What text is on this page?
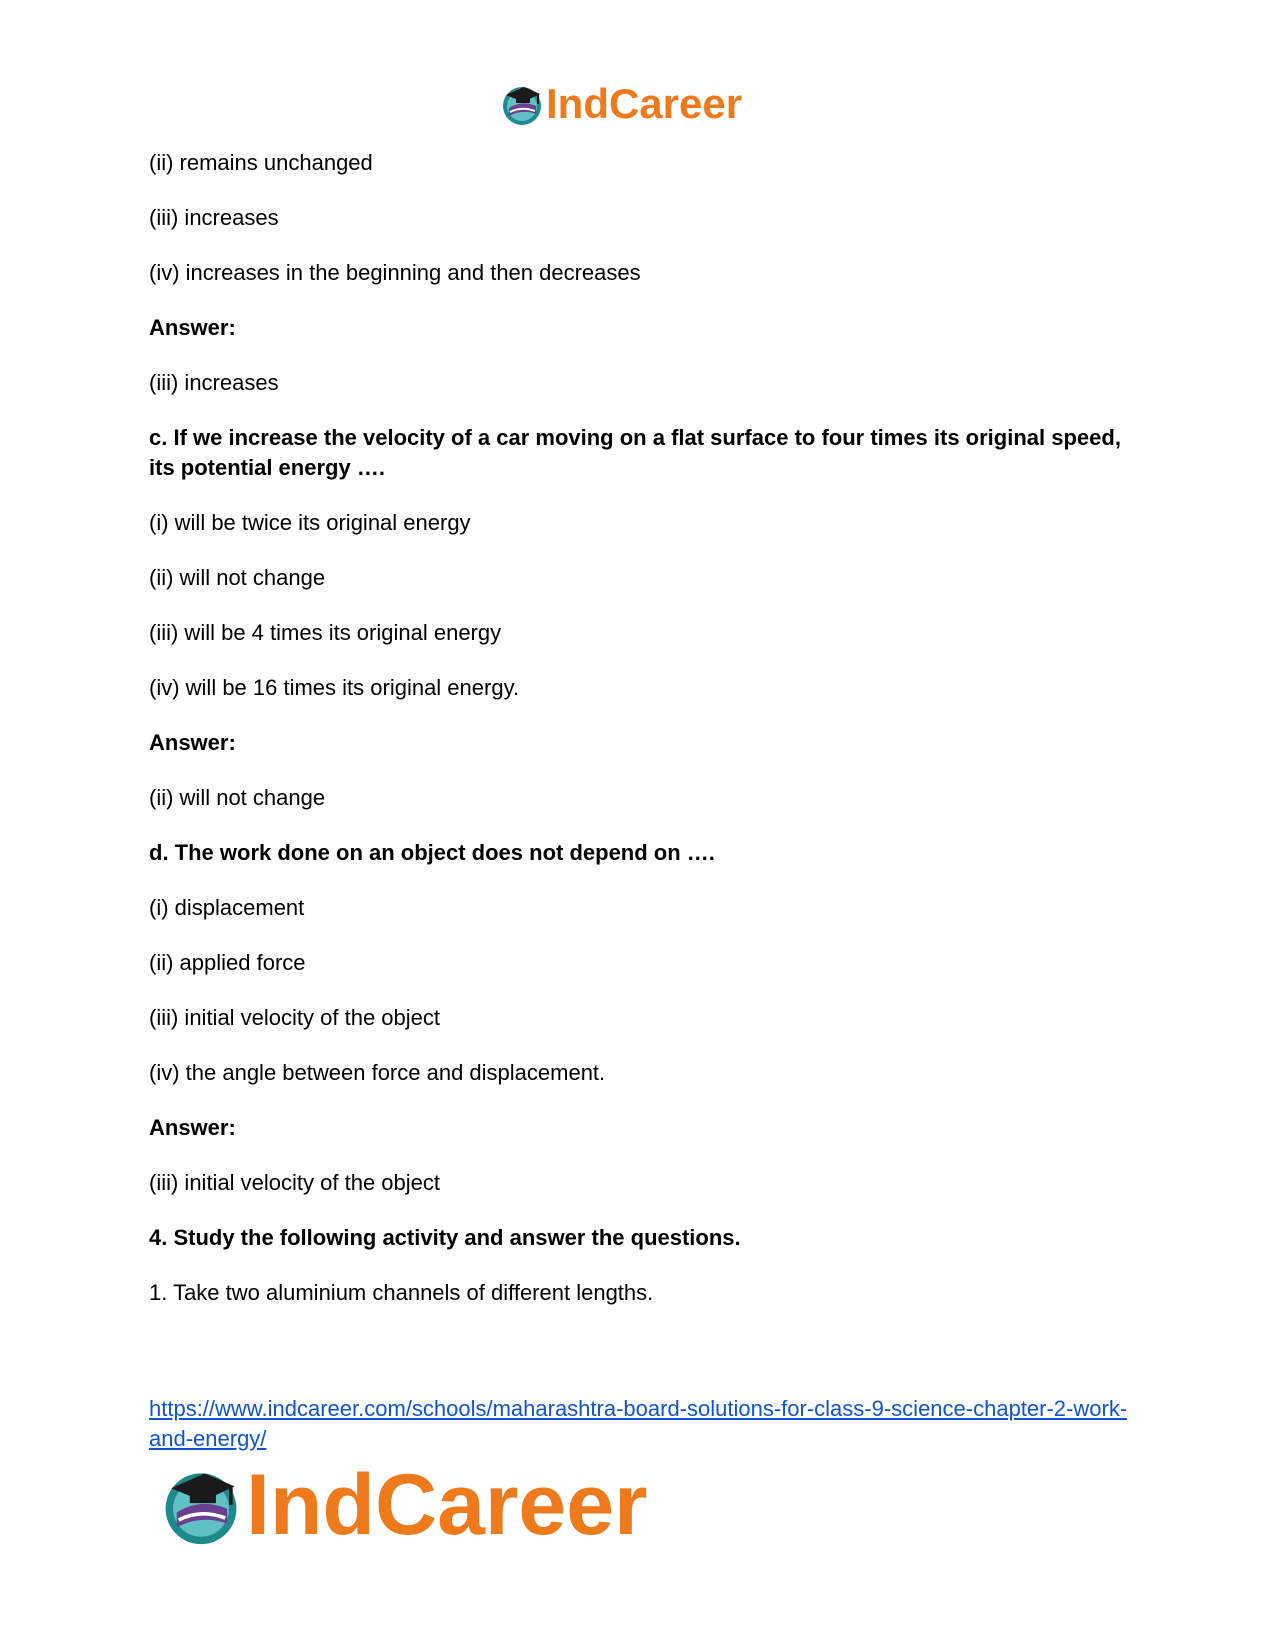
IndCareer

(ii) remains unchanged

(iii) increases

(iv) increases in the beginning and then decreases

Answer:

(iii) increases

c. If we increase the velocity of a car moving on a flat surface to four times its original speed, its potential energy ….

(i) will be twice its original energy

(ii) will not change

(iii) will be 4 times its original energy

(iv) will be 16 times its original energy.

Answer:

(ii) will not change

d. The work done on an object does not depend on ….

(i) displacement

(ii) applied force

(iii) initial velocity of the object

(iv) the angle between force and displacement.

Answer:

(iii) initial velocity of the object

4. Study the following activity and answer the questions.

1. Take two aluminium channels of different lengths.

https://www.indcareer.com/schools/maharashtra-board-solutions-for-class-9-science-chapter-2-work-and-energy/
IndCareer
